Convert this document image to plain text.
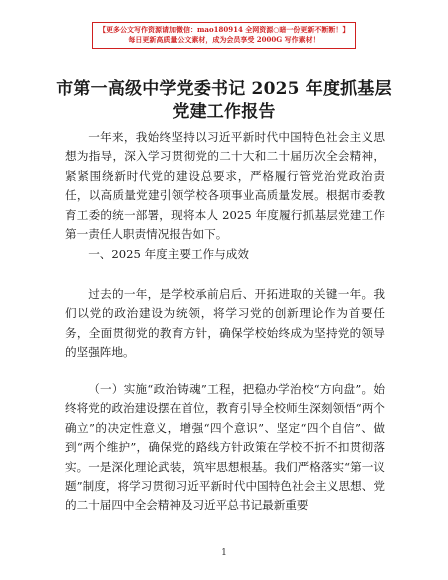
【更多公文写作资源请加微信：mao180914 全网资源○暗一份更新不断断！】
每日更新高质量公文素材，成为会员享受 2000G 写作素材！
市第一高级中学党委书记 2025 年度抓基层党建工作报告
一年来，我始终坚持以习近平新时代中国特色社会主义思想为指导，深入学习贯彻党的二十大和二十届历次全会精神，紧紧围绕新时代党的建设总要求，严格履行管党治党政治责任，以高质量党建引领学校各项事业高质量发展。根据市委教育工委的统一部署，现将本人 2025 年度履行抓基层党建工作第一责任人职责情况报告如下。
一、2025 年度主要工作与成效
过去的一年，是学校承前启后、开拓进取的关键一年。我们以党的政治建设为统领，将学习党的创新理论作为首要任务，全面贯彻党的教育方针，确保学校始终成为坚持党的领导的坚强阵地。
（一）实施“政治铸魂”工程，把稳办学治校“方向盘”。始终将党的政治建设摆在首位，教育引导全校师生深刻领悟“两个确立”的决定性意义，增强“四个意识”、坚定“四个自信”、做到“两个维护”，确保党的路线方针政策在学校不折不扣贯彻落实。一是深化理论武装，筑牢思想根基。我们严格落实“第一议题”制度，将学习贯彻习近平新时代中国特色社会主义思想、党的二十届四中全会精神及习近平总书记最新重要
1
